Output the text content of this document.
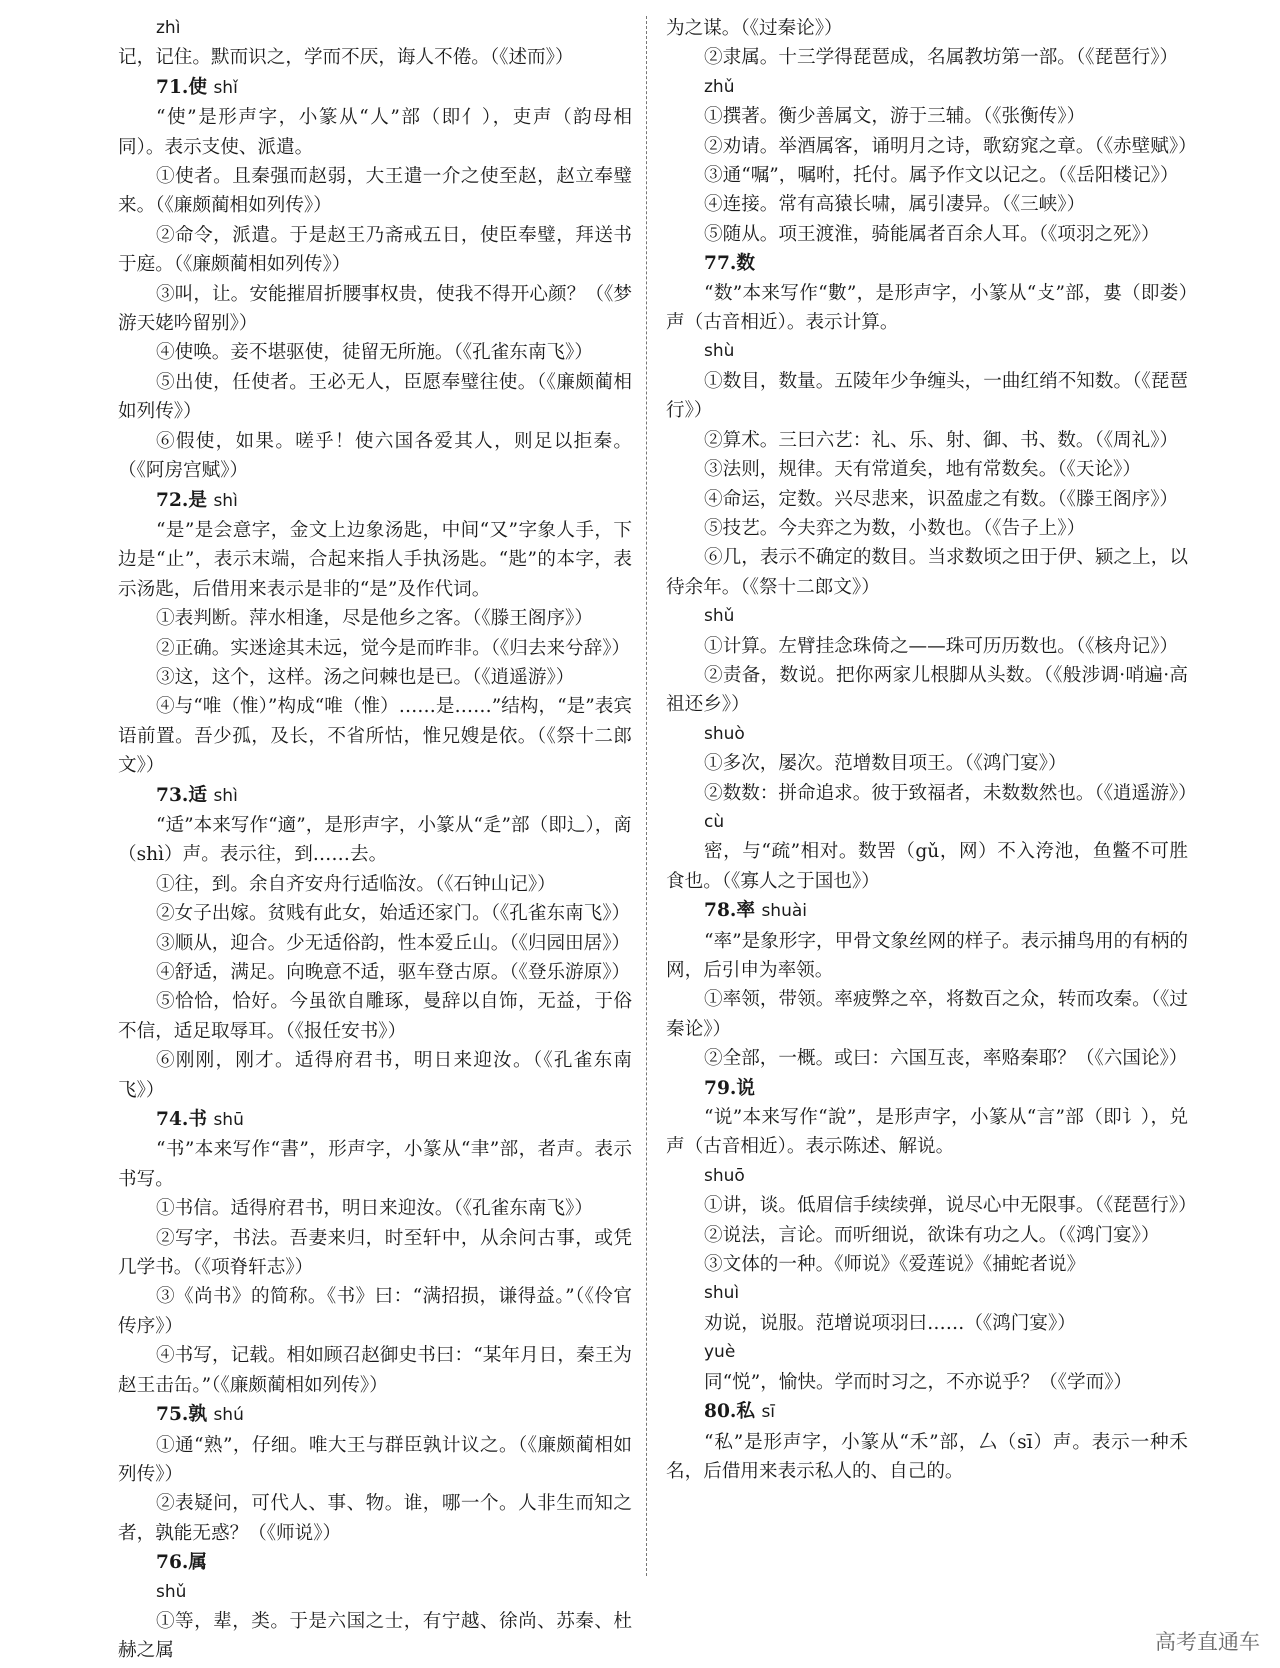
zhì

记，记住。默而识之，学而不厌，诲人不倦。（《述而》）

71.使 shǐ

“使”是形声字，小篆从“人”部（即亻），吏声（韵母相同）。表示支使、派遣。

①使者。且秦强而赵弱，大王遣一介之使至赵，赵立奉璧来。（《廉颇蔺相如列传》）

②命令，派遣。于是赵王乃斋戒五日，使臣奉璧，拜送书于庭。（《廉颇蔺相如列传》）

③叫，让。安能摧眉折腰事权贵，使我不得开心颜？（《梦游天姥吟留别》）

④使唤。妾不堪驱使，徒留无所施。（《孔雀东南飞》）

⑤出使，任使者。王必无人，臣愿奉璧往使。（《廉颇蔺相如列传》）

⑥假使，如果。嗟乎！使六国各爱其人，则足以拒秦。（《阿房宫赋》）

72.是 shì

“是”是会意字，金文上边象汤匙，中间“又”字象人手，下边是“止”，表示末端，合起来指人手执汤匙。“匙”的本字，表示汤匙，后借用来表示是非的“是”及作代词。

①表判断。萍水相逢，尽是他乡之客。（《滕王阁序》）

②正确。实迷途其未远，觉今是而昨非。（《归去来兮辞》）

③这，这个，这样。汤之问棘也是已。（《逍遥游》）

④与“唯（惟）”构成“唯（惟）……是……”结构，“是”表宾语前置。吾少孤，及长，不省所怙，惟兄嫂是依。（《祭十二郎文》）

73.适 shì

“适”本来写作“適”，是形声字，小篆从“辵”部（即辶），啇（shì）声。表示往，到……去。

①往，到。余自齐安舟行适临汝。（《石钟山记》）

②女子出嫁。贫贱有此女，始适还家门。（《孔雀东南飞》）

③顺从，迎合。少无适俗韵，性本爱丘山。（《归园田居》）

④舒适，满足。向晚意不适，驱车登古原。（《登乐游原》）

⑤恰恰，恰好。今虽欲自雕琢，曼辞以自饰，无益，于俗不信，适足取辱耳。（《报任安书》）

⑥刚刚，刚才。适得府君书，明日来迎汝。（《孔雀东南飞》）

74.书 shū

“书”本来写作“書”，形声字，小篆从“聿”部，者声。表示书写。

①书信。适得府君书，明日来迎汝。（《孔雀东南飞》）

②写字，书法。吾妻来归，时至轩中，从余问古事，或凭几学书。（《项脊轩志》）

③《尚书》的简称。《书》曰：“满招损，谦得益。”（《伶官传序》）

④书写，记载。相如顾召赵御史书曰：“某年月日，秦王为赵王击缶。”（《廉颇蔺相如列传》）

75.孰 shú

①通“熟”，仔细。唯大王与群臣孰计议之。（《廉颇蔺相如列传》）

②表疑问，可代人、事、物。谁，哪一个。人非生而知之者，孰能无惑？（《师说》）

76.属

shǔ

①等，辈，类。于是六国之士，有宁越、徐尚、苏秦、杜赫之属

为之谋。（《过秦论》）

②隶属。十三学得琵琶成，名属教坊第一部。（《琵琶行》）

zhǔ

①撰著。衡少善属文，游于三辅。（《张衡传》）

②劝请。举酒属客，诵明月之诗，歌窈窕之章。（《赤壁赋》）

③通“嘱”，嘱咐，托付。属予作文以记之。（《岳阳楼记》）

④连接。常有高猿长啸，属引凄异。（《三峡》）

⑤随从。项王渡淮，骑能属者百余人耳。（《项羽之死》）

77.数

“数”本来写作“數”，是形声字，小篆从“攴”部，婁（即娄）声（古音相近）。表示计算。

shù

①数目，数量。五陵年少争缠头，一曲红绡不知数。（《琵琶行》）

②算术。三曰六艺：礼、乐、射、御、书、数。（《周礼》）

③法则，规律。天有常道矣，地有常数矣。（《天论》）

④命运，定数。兴尽悲来，识盈虚之有数。（《滕王阁序》）

⑤技艺。今夫弈之为数，小数也。（《告子上》）

⑥几，表示不确定的数目。当求数顷之田于伊、颍之上，以待余年。（《祭十二郎文》）

shǔ

①计算。左臂挂念珠倚之——珠可历历数也。（《核舟记》）

②责备，数说。把你两家儿根脚从头数。（《般涉调·哨遍·高祖还乡》）

shuò

①多次，屡次。范增数目项王。（《鸿门宴》）

②数数：拼命追求。彼于致福者，未数数然也。（《逍遥游》）

cù

密，与“疏”相对。数罟（gǔ，网）不入洿池，鱼鳖不可胜食也。（《寡人之于国也》）

78.率 shuài

“率”是象形字，甲骨文象丝网的样子。表示捕鸟用的有柄的网，后引申为率领。

①率领，带领。率疲弊之卒，将数百之众，转而攻秦。（《过秦论》）

②全部，一概。或曰：六国互丧，率赂秦耶？（《六国论》）

79.说

“说”本来写作“說”，是形声字，小篆从“言”部（即讠），兑声（古音相近）。表示陈述、解说。

shuō

①讲，谈。低眉信手续续弹，说尽心中无限事。（《琵琶行》）

②说法，言论。而听细说，欲诛有功之人。（《鸿门宴》）

③文体的一种。《师说》《爱莲说》《捕蛇者说》

shuì

劝说，说服。范增说项羽曰……（《鸿门宴》）

yuè

同“悦”，愉快。学而时习之，不亦说乎？（《学而》）

80.私 sī

“私”是形声字，小篆从“禾”部，厶（sī）声。表示一种禾名，后借用来表示私人的、自己的。

高考直通车
